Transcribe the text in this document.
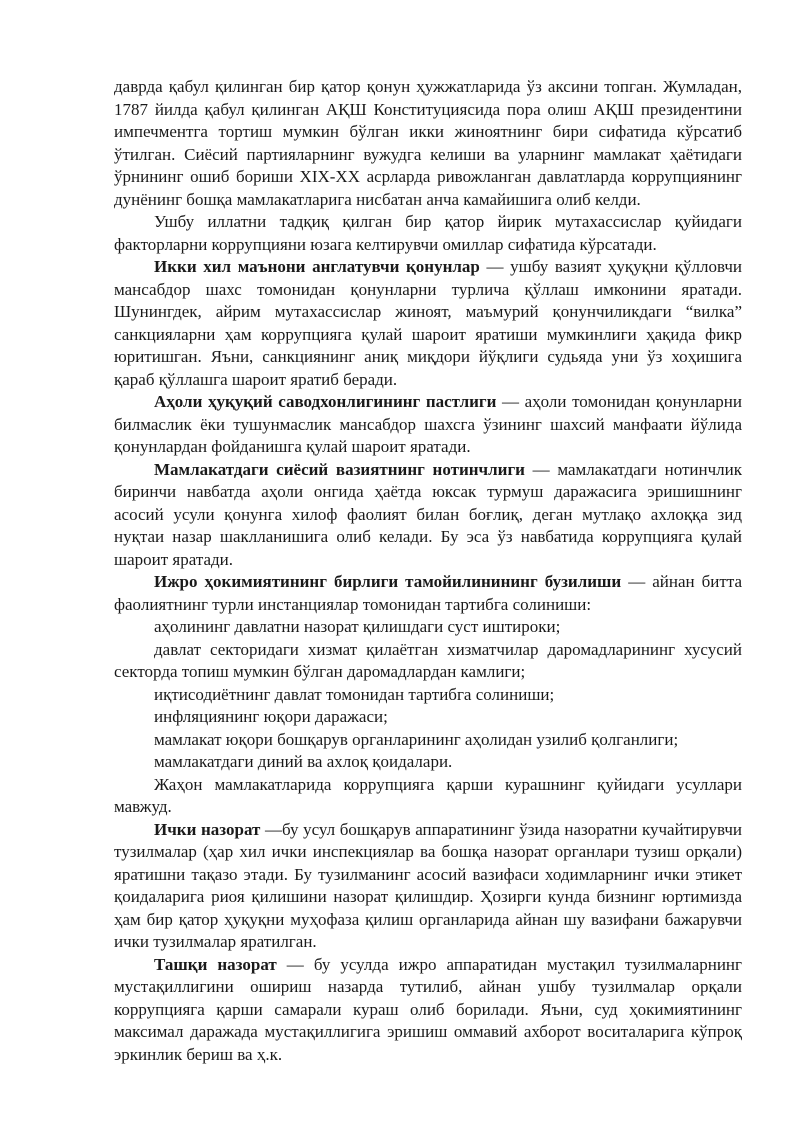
даврда қабул қилинган бир қатор қонун ҳужжатларида ўз аксини топган. Жумладан, 1787 йилда қабул қилинган АҚШ Конституциясида пора олиш АҚШ президентини импечментга тортиш мумкин бўлган икки жиноятнинг бири сифатида кўрсатиб ўтилган. Сиёсий партияларнинг вужудга келиши ва уларнинг мамлакат ҳаётидаги ўрнининг ошиб бориши XIX-XX асрларда ривожланган давлатларда коррупциянинг дунёнинг бошқа мамлакатларига нисбатан анча камайишига олиб келди.

Ушбу иллатни тадқиқ қилган бир қатор йирик мутахассислар қуйидаги факторларни коррупцияни юзага келтирувчи омиллар сифатида кўрсатади.

Икки хил маънони англатувчи қонунлар — ушбу вазият ҳуқуқни қўлловчи мансабдор шахс томонидан қонунларни турлича қўллаш имконини яратади. Шунингдек, айрим мутахассислар жиноят, маъмурий қонунчиликдаги “вилка” санкцияларни ҳам коррупцияга қулай шароит яратиши мумкинлиги ҳақида фикр юритишган. Яъни, санкциянинг аниқ миқдори йўқлиги судьяда уни ўз хоҳишига қараб қўллашга шароит яратиб беради.

Аҳоли ҳуқуқий саводхонлигининг пастлиги — аҳоли томонидан қонунларни билмаслик ёки тушунмаслик мансабдор шахсга ўзининг шахсий манфаати йўлида қонунлардан фойданишга қулай шароит яратади.

Мамлакатдаги сиёсий вазиятнинг нотинчлиги — мамлакатдаги нотинчлик биринчи навбатда аҳоли онгида ҳаётда юксак турмуш даражасига эришишнинг асосий усули қонунга хилоф фаолият билан боғлиқ, деган мутлақо ахлоққа зид нуқтаи назар шаклланишига олиб келади. Бу эса ўз навбатида коррупцияга қулай шароит яратади.

Ижро ҳокимиятининг бирлиги тамойилинининг бузилиши — айнан битта фаолиятнинг турли инстанциялар томонидан тартибга солиниши:

аҳолининг давлатни назорат қилишдаги суст иштироки;

давлат секторидаги хизмат қилаётган хизматчилар даромадларининг хусусий секторда топиш мумкин бўлган даромадлардан камлиги;

иқтисодиётнинг давлат томонидан тартибга солиниши;

инфляциянинг юқори даражаси;

мамлакат юқори бошқарув органларининг аҳолидан узилиб қолганлиги;

мамлакатдаги диний ва ахлоқ қоидалари.

Жаҳон мамлакатларида коррупцияга қарши курашнинг қуйидаги усуллари мавжуд.

Ички назорат —бу усул бошқарув аппаратининг ўзида назоратни кучайтирувчи тузилмалар (ҳар хил ички инспекциялар ва бошқа назорат органлари тузиш орқали) яратишни тақазо этади. Бу тузилманинг асосий вазифаси ходимларнинг ички этикет қоидаларига риоя қилишини назорат қилишдир. Ҳозирги кунда бизнинг юртимизда ҳам бир қатор ҳуқуқни муҳофаза қилиш органларида айнан шу вазифани бажарувчи ички тузилмалар яратилган.

Ташқи назорат — бу усулда ижро аппаратидан мустақил тузилмаларнинг мустақиллигини ошириш назарда тутилиб, айнан ушбу тузилмалар орқали коррупцияга қарши самарали кураш олиб борилади. Яъни, суд ҳокимиятининг максимал даражада мустақиллигига эришиш оммавий ахборот воситаларига кўпроқ эркинлик бериш ва ҳ.к.
